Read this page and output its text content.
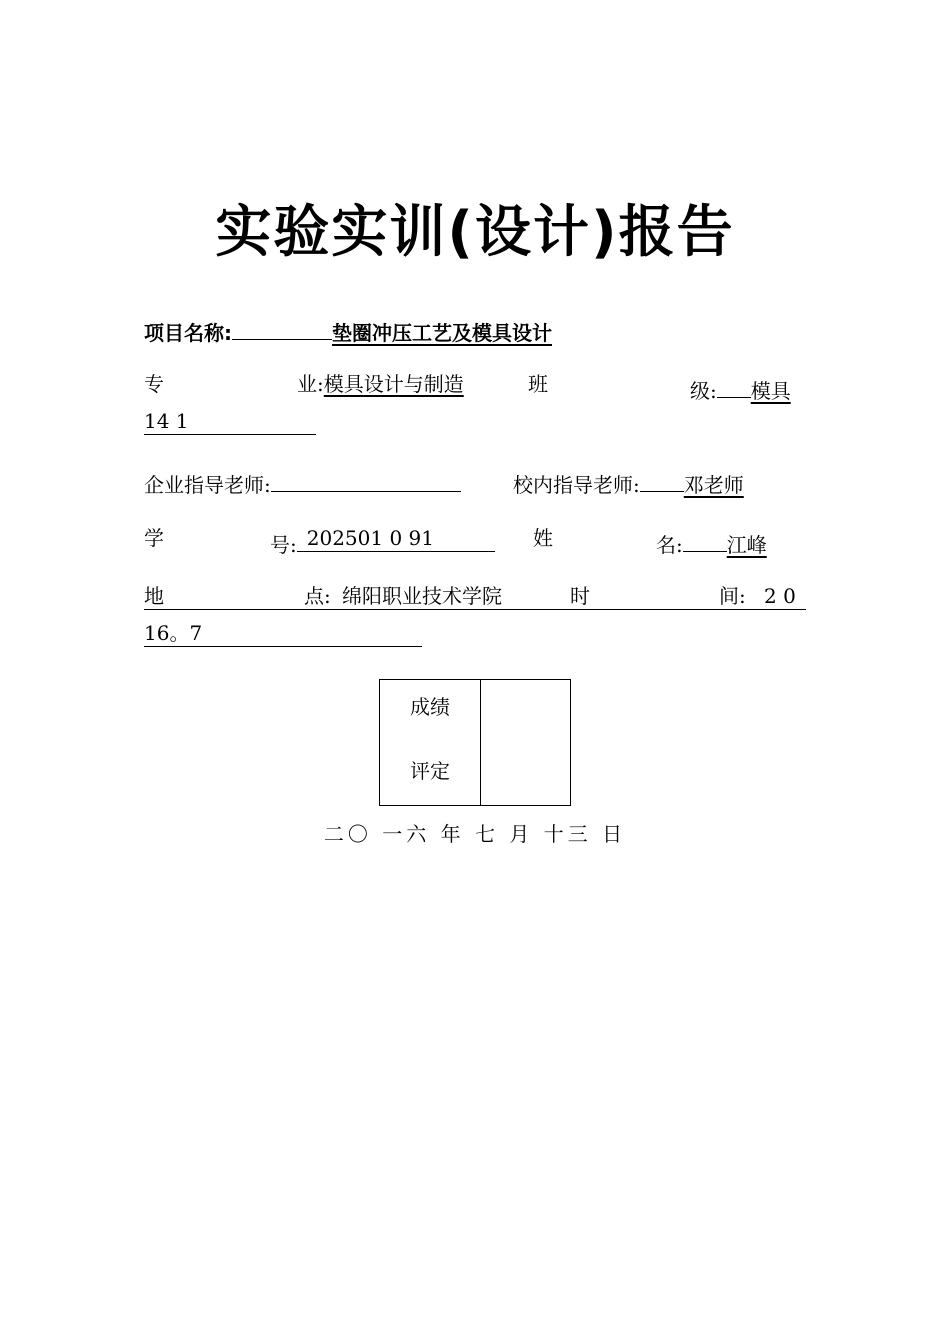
实验实训(设计)报告
项目名称:	垫圈冲压工艺及模具设计
专	业:模具设计与制造	班	级: 模具
14 1
企业指导老师:	校内指导老师: 邓老师
学	号: 202501 0 91	姓	名: 江峰
地	点: 绵阳职业技术学院	时	间: 2 0
16。7
成绩
评定

二〇 一六 年 七 月 十三 日
